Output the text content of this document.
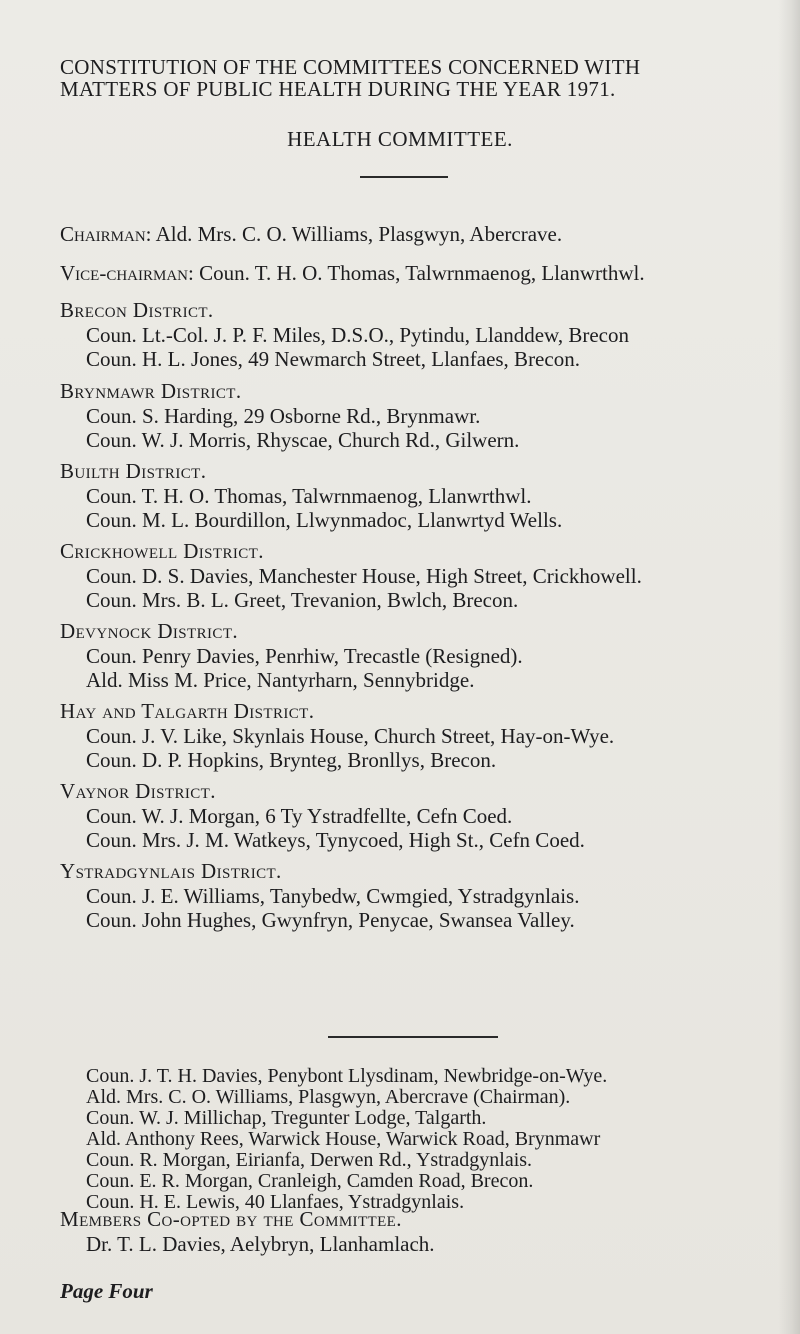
CONSTITUTION OF THE COMMITTEES CONCERNED WITH
MATTERS OF PUBLIC HEALTH DURING THE YEAR 1971.
HEALTH COMMITTEE.
Chairman: Ald. Mrs. C. O. Williams, Plasgwyn, Abercrave.
Vice-chairman: Coun. T. H. O. Thomas, Talwrnmaenog, Llanwrthwl.
Brecon District.
Coun. Lt.-Col. J. P. F. Miles, D.S.O., Pytindu, Llanddew, Brecon
Coun. H. L. Jones, 49 Newmarch Street, Llanfaes, Brecon.
Brynmawr District.
Coun. S. Harding, 29 Osborne Rd., Brynmawr.
Coun. W. J. Morris, Rhyscae, Church Rd., Gilwern.
Builth District.
Coun. T. H. O. Thomas, Talwrnmaenog, Llanwrthwl.
Coun. M. L. Bourdillon, Llwynmadoc, Llanwrtyd Wells.
Crickhowell District.
Coun. D. S. Davies, Manchester House, High Street, Crickhowell.
Coun. Mrs. B. L. Greet, Trevanion, Bwlch, Brecon.
Devynock District.
Coun. Penry Davies, Penrhiw, Trecastle (Resigned).
Ald. Miss M. Price, Nantyrharn, Sennybridge.
Hay and Talgarth District.
Coun. J. V. Like, Skynlais House, Church Street, Hay-on-Wye.
Coun. D. P. Hopkins, Brynteg, Bronllys, Brecon.
Vaynor District.
Coun. W. J. Morgan, 6 Ty Ystradfellte, Cefn Coed.
Coun. Mrs. J. M. Watkeys, Tynycoed, High St., Cefn Coed.
Ystradgynlais District.
Coun. J. E. Williams, Tanybedw, Cwmgied, Ystradgynlais.
Coun. John Hughes, Gwynfryn, Penycae, Swansea Valley.
Coun. J. T. H. Davies, Penybont Llysdinam, Newbridge-on-Wye.
Ald. Mrs. C. O. Williams, Plasgwyn, Abercrave (Chairman).
Coun. W. J. Millichap, Tregunter Lodge, Talgarth.
Ald. Anthony Rees, Warwick House, Warwick Road, Brynmawr
Coun. R. Morgan, Eirianfa, Derwen Rd., Ystradgynlais.
Coun. E. R. Morgan, Cranleigh, Camden Road, Brecon.
Coun. H. E. Lewis, 40 Llanfaes, Ystradgynlais.
Members Co-opted by the Committee.
Dr. T. L. Davies, Aelybryn, Llanhamlach.
Page Four
